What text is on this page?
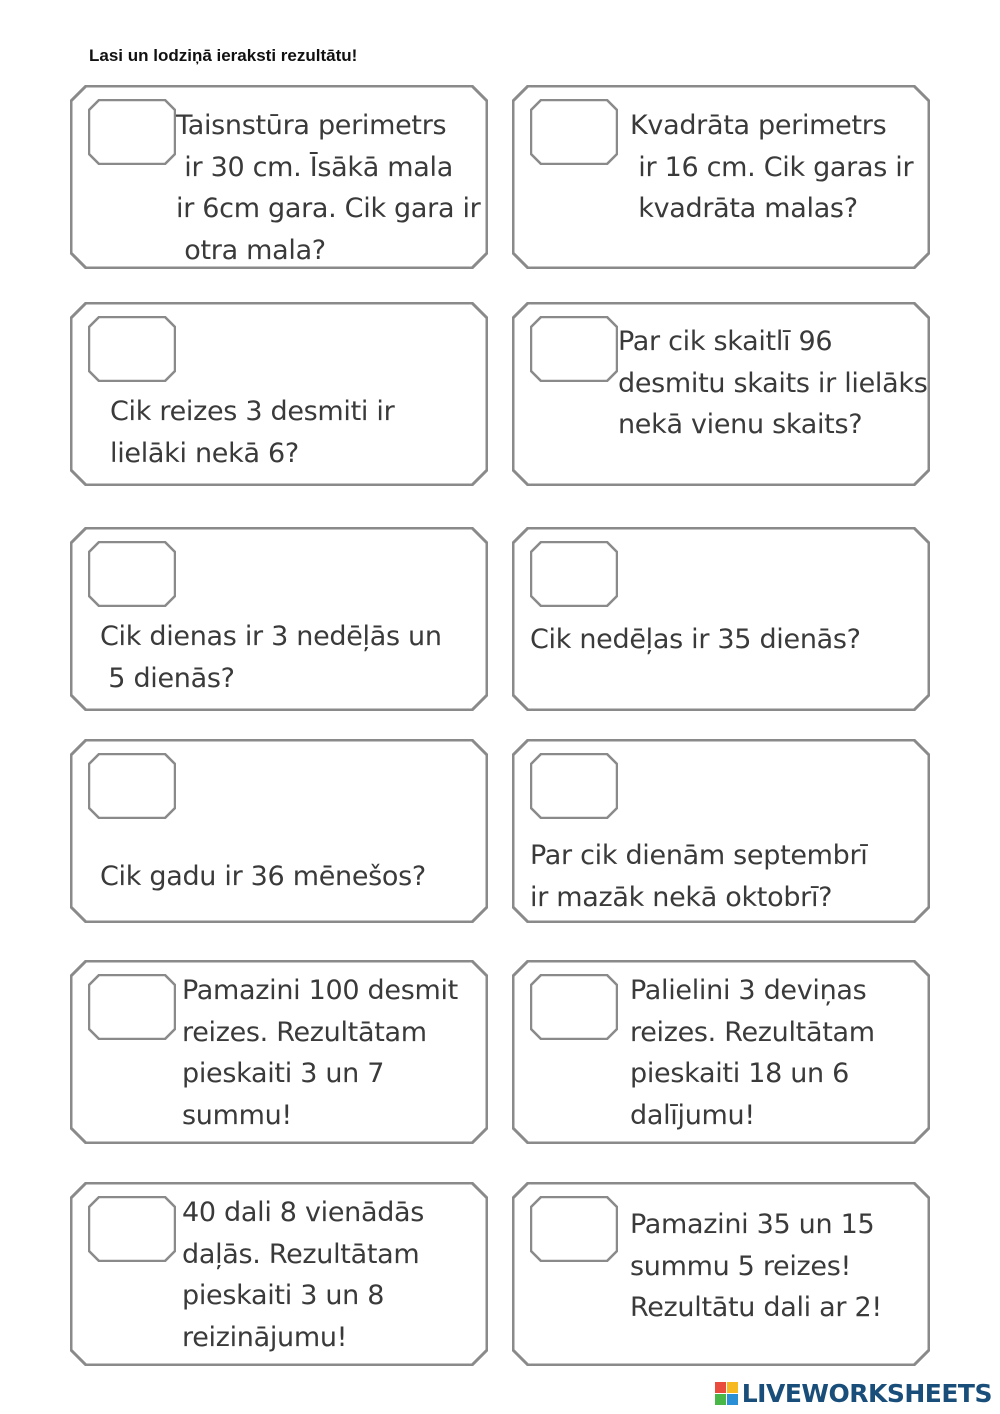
Lasi un lodziņā ieraksti rezultātu!
Taisnstūra perimetrs
ir 30 cm. Īsākā mala
ir 6cm gara. Cik gara ir
otra mala?
Kvadrāta perimetrs
ir 16 cm. Cik garas ir
kvadrāta malas?
Cik reizes 3 desmiti ir
lielāki nekā 6?
Par cik skaitlī 96
desmitu skaits ir lielāks
nekā vienu skaits?
Cik dienas ir 3 nedēļās un
5 dienās?
Cik nedēļas ir 35 dienās?
Cik gadu ir 36 mēnešos?
Par cik dienām septembrī
ir mazāk nekā oktobrī?
Pamazini 100 desmit
reizes. Rezultātam
pieskaiti 3 un 7
summu!
Palielini 3 deviņas
reizes. Rezultātam
pieskaiti 18 un 6
dalījumu!
40 dali 8 vienādās
daļās. Rezultātam
pieskaiti 3 un 8
reizinājumu!
Pamazini 35 un 15
summu 5 reizes!
Rezultātu dali ar 2!
LIVEWORKSHEETS
